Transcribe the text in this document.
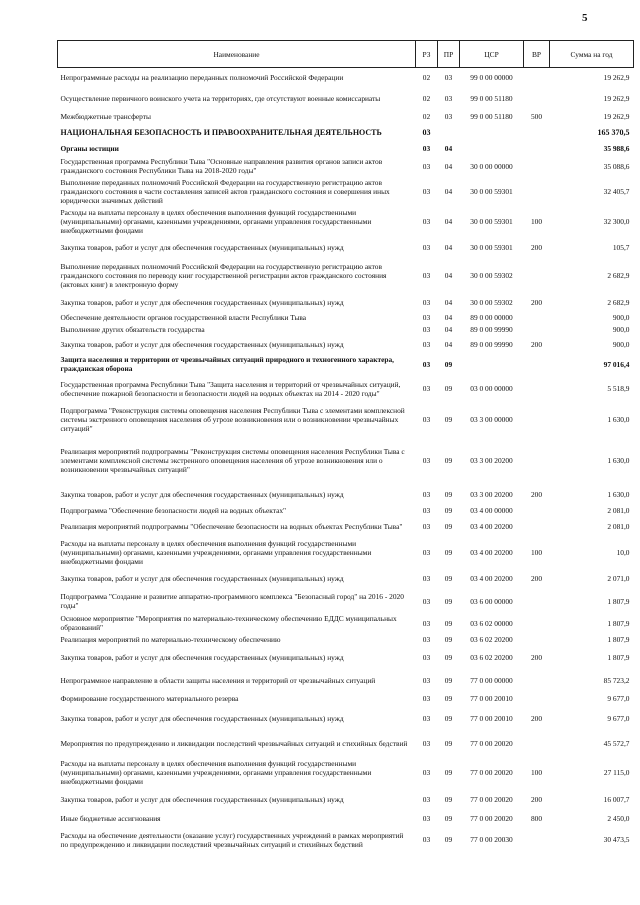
5
Наименование	РЗ	ПР	ЦСР	ВР	Сумма на год
Непрограммные расходы на реализацию переданных полномочий Российской Федерации	02	03	99 0 00 00000		19 262,9
Осуществление первичного воинского учета на территориях, где отсутствуют военные комиссариаты	02	03	99 0 00 51180		19 262,9
Межбюджетные трансферты	02	03	99 0 00 51180	500	19 262,9
НАЦИОНАЛЬНАЯ БЕЗОПАСНОСТЬ И ПРАВООХРАНИТЕЛЬНАЯ ДЕЯТЕЛЬНОСТЬ	03				165 370,5
Органы юстиции	03	04			35 988,6
Государственная программа Республики Тыва "Основные направления развития органов записи актов гражданского состояния Республики Тыва на 2018-2020 годы"	03	04	30 0 00 00000		35 088,6
Выполнение переданных полномочий Российской Федерации на государственную регистрацию актов гражданского состояния в части составления записей актов гражданского состояния и совершения иных юридически значимых действий	03	04	30 0 00 59301		32 405,7
Расходы на выплаты персоналу в целях обеспечения выполнения функций государственными (муниципальными) органами, казенными учреждениями, органами управления государственными внебюджетными фондами	03	04	30 0 00 59301	100	32 300,0
Закупка товаров, работ и услуг для обеспечения государственных (муниципальных) нужд	03	04	30 0 00 59301	200	105,7
Выполнение переданных полномочий Российской Федерации на государственную регистрацию актов гражданского состояния по переводу книг государственной регистрации актов гражданского состояния (актовых книг) в электронную форму	03	04	30 0 00 59302		2 682,9
Закупка товаров, работ и услуг для обеспечения государственных (муниципальных) нужд	03	04	30 0 00 59302	200	2 682,9
Обеспечение деятельности органов государственной власти Республики Тыва	03	04	89 0 00 00000		900,0
Выполнение других обязательств государства	03	04	89 0 00 99990		900,0
Закупка товаров, работ и услуг для обеспечения государственных (муниципальных) нужд	03	04	89 0 00 99990	200	900,0
Защита населения и территории от чрезвычайных ситуаций природного и техногенного характера, гражданская оборона	03	09			97 016,4
Государственная программа Республики Тыва "Защита населения и территорий от чрезвычайных ситуаций, обеспечение пожарной безопасности и безопасности людей на водных объектах на 2014 - 2020 годы"	03	09	03 0 00 00000		5 518,9
Подпрограмма "Реконструкция системы оповещения населения Республики Тыва с элементами комплексной системы экстренного оповещения населения об угрозе возникновения или о возникновении чрезвычайных ситуаций"	03	09	03 3 00 00000		1 630,0
Реализация мероприятий подпрограммы "Реконструкция системы оповещения населения Республики Тыва с элементами комплексной системы экстренного оповещения населения об угрозе возникновения или о возникновении чрезвычайных ситуаций"	03	09	03 3 00 20200		1 630,0
Закупка товаров, работ и услуг для обеспечения государственных (муниципальных) нужд	03	09	03 3 00 20200	200	1 630,0
Подпрограмма "Обеспечение безопасности людей на водных объектах"	03	09	03 4 00 00000		2 081,0
Реализация мероприятий подпрограммы "Обеспечение безопасности на водных объектах Республики Тыва"	03	09	03 4 00 20200		2 081,0
Расходы на выплаты персоналу в целях обеспечения выполнения функций государственными (муниципальными) органами, казенными учреждениями, органами управления государственными внебюджетными фондами	03	09	03 4 00 20200	100	10,0
Закупка товаров, работ и услуг для обеспечения государственных (муниципальных) нужд	03	09	03 4 00 20200	200	2 071,0
Подпрограмма "Создание и развитие аппаратно-программного комплекса "Безопасный город" на 2016 - 2020 годы"	03	09	03 6 00 00000		1 807,9
Основное мероприятие "Мероприятия по материально-техническому обеспечению ЕДДС муниципальных образований"	03	09	03 6 02 00000		1 807,9
Реализация мероприятий по материально-техническому обеспечению	03	09	03 6 02 20200		1 807,9
Закупка товаров, работ и услуг для обеспечения государственных (муниципальных) нужд	03	09	03 6 02 20200	200	1 807,9
Непрограммное направление в области защиты населения и территорий от чрезвычайных ситуаций	03	09	77 0 00 00000		85 723,2
Формирование государственного материального резерва	03	09	77 0 00 20010		9 677,0
Закупка товаров, работ и услуг для обеспечения государственных (муниципальных) нужд	03	09	77 0 00 20010	200	9 677,0
Мероприятия по предупреждению и ликвидации последствий чрезвычайных ситуаций и стихийных бедствий	03	09	77 0 00 20020		45 572,7
Расходы на выплаты персоналу в целях обеспечения выполнения функций государственными (муниципальными) органами, казенными учреждениями, органами управления государственными внебюджетными фондами	03	09	77 0 00 20020	100	27 115,0
Закупка товаров, работ и услуг для обеспечения государственных (муниципальных) нужд	03	09	77 0 00 20020	200	16 007,7
Иные бюджетные ассигнования	03	09	77 0 00 20020	800	2 450,0
Расходы на обеспечение деятельности (оказание услуг) государственных учреждений в рамках мероприятий по предупреждению и ликвидации последствий чрезвычайных ситуаций и стихийных бедствий	03	09	77 0 00 20030		30 473,5
